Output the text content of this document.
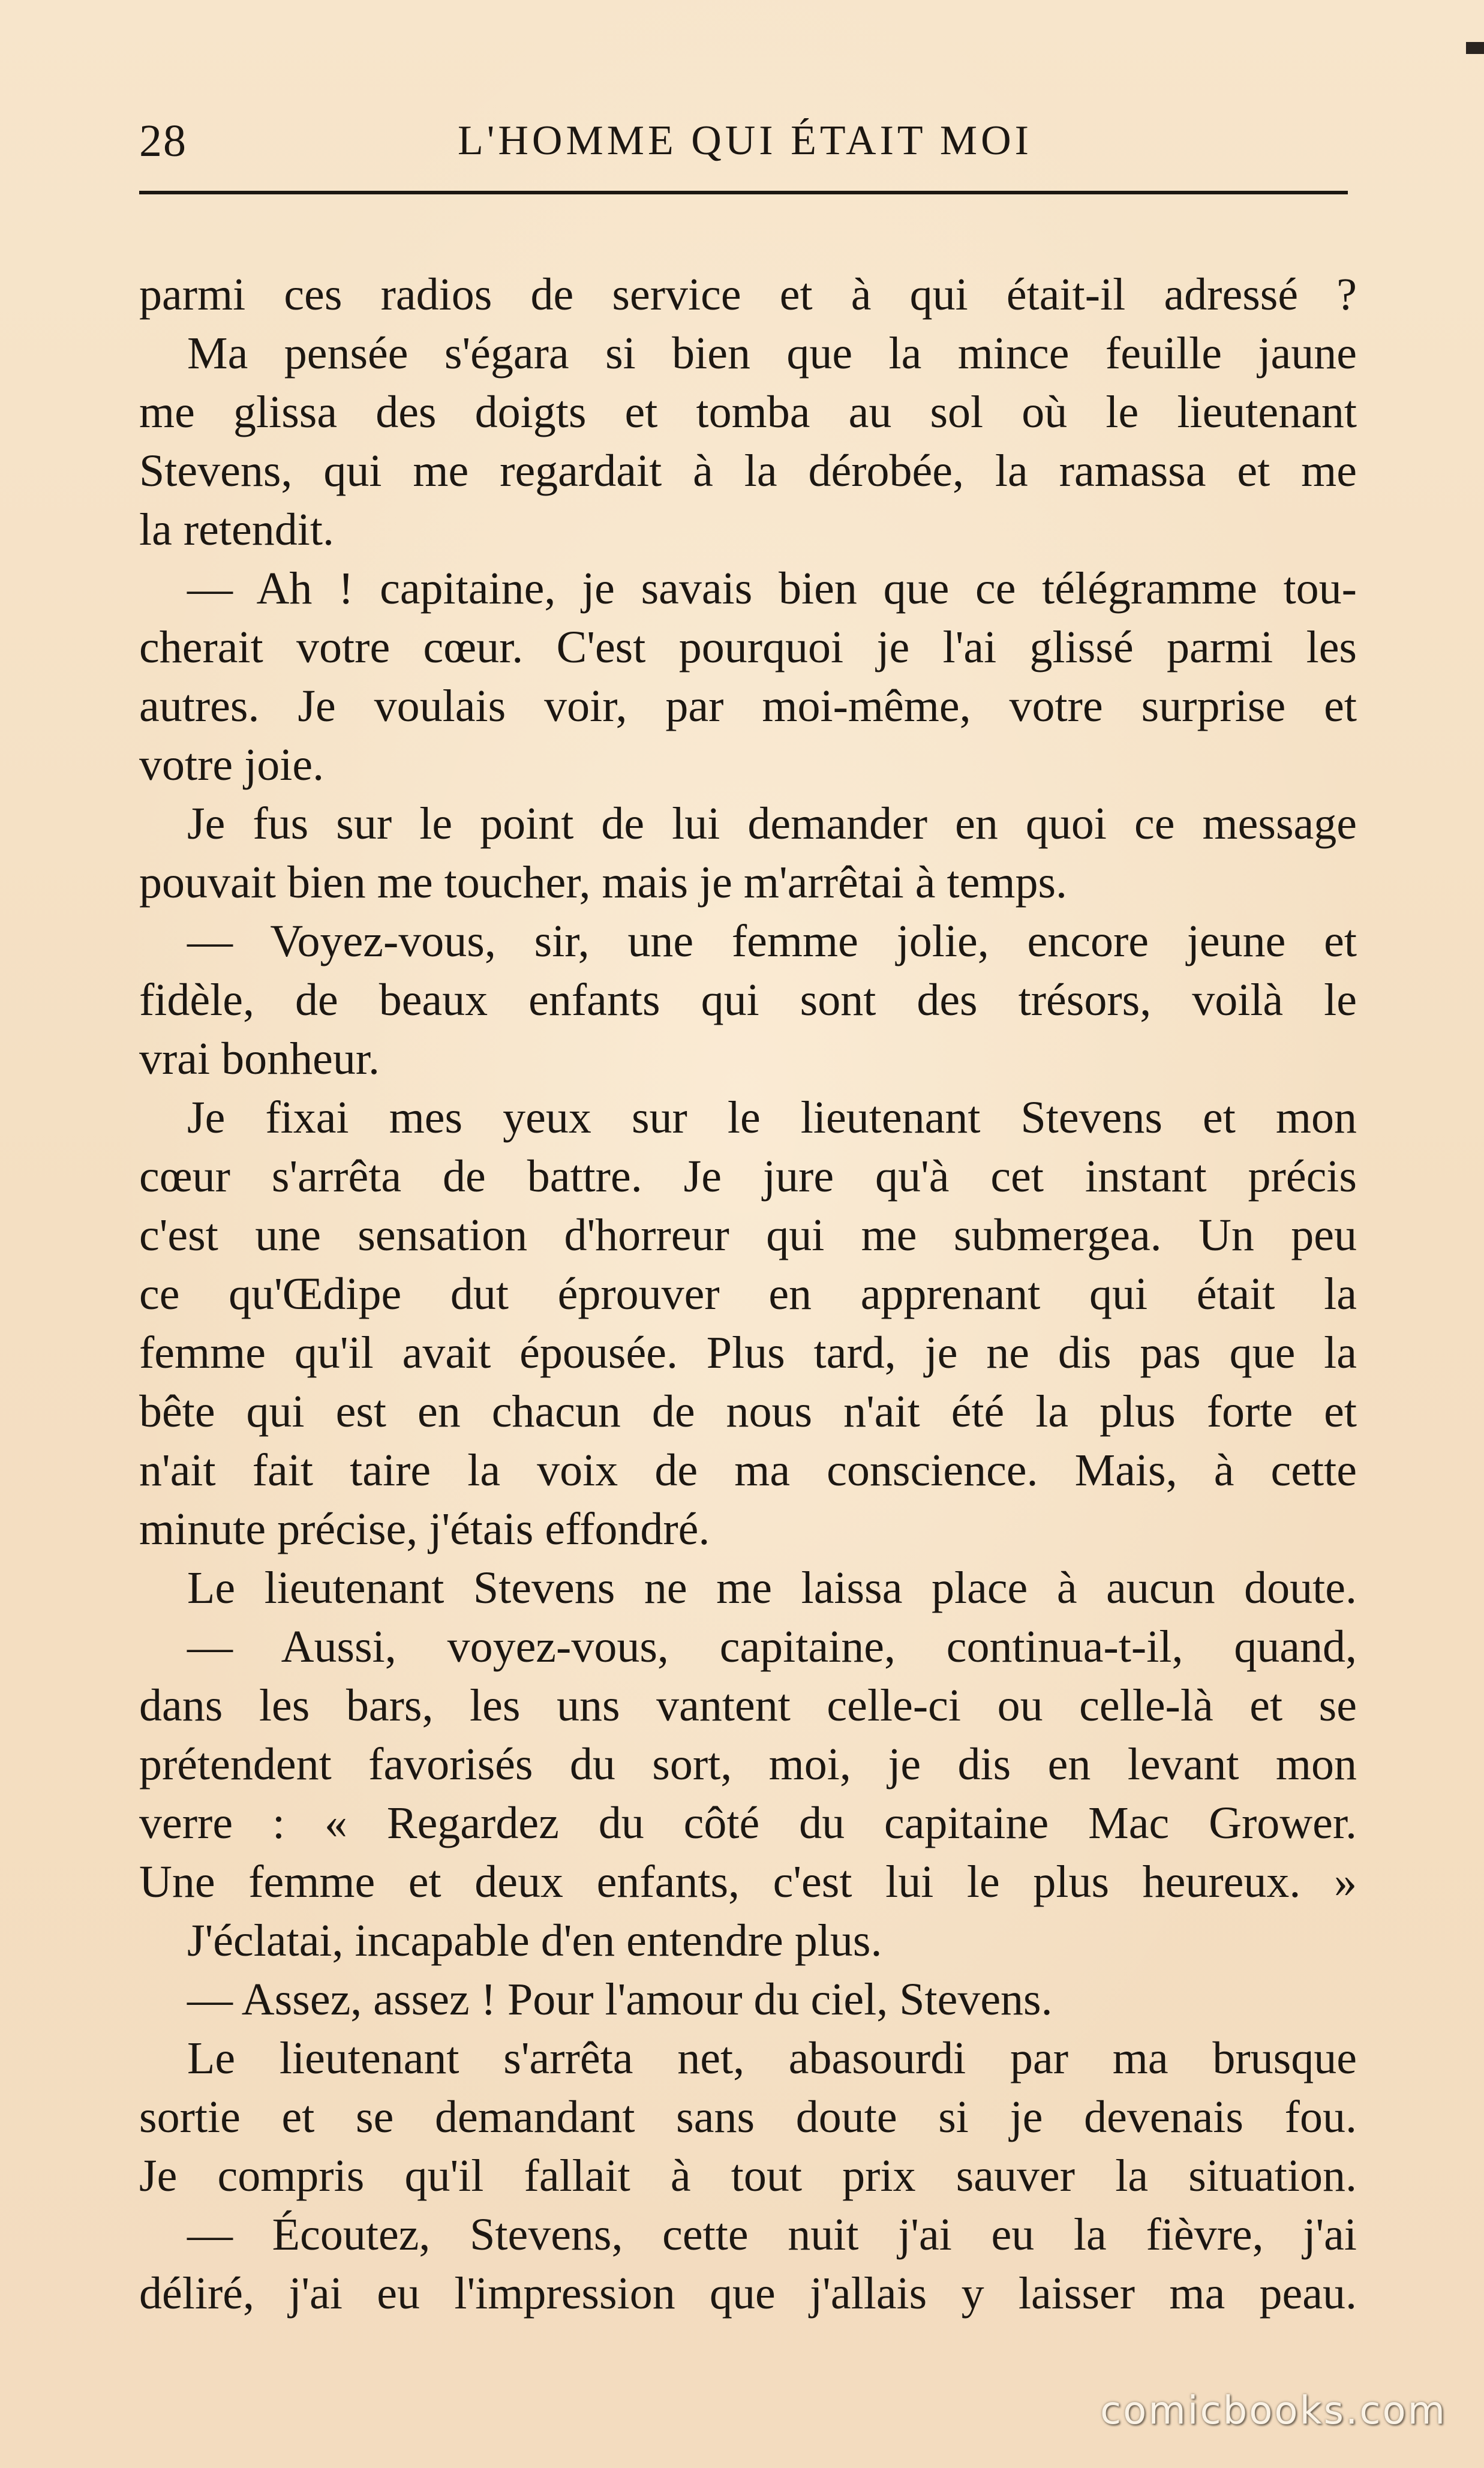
28	L'HOMME QUI ÉTAIT MOI
parmi ces radios de service et à qui était-il adressé ?
Ma pensée s'égara si bien que la mince feuille jaune
me glissa des doigts et tomba au sol où le lieutenant
Stevens, qui me regardait à la dérobée, la ramassa et me
la retendit.
— Ah ! capitaine, je savais bien que ce télégramme tou-
cherait votre cœur. C'est pourquoi je l'ai glissé parmi les
autres. Je voulais voir, par moi-même, votre surprise et
votre joie.
Je fus sur le point de lui demander en quoi ce message
pouvait bien me toucher, mais je m'arrêtai à temps.
— Voyez-vous, sir, une femme jolie, encore jeune et
fidèle, de beaux enfants qui sont des trésors, voilà le
vrai bonheur.
Je fixai mes yeux sur le lieutenant Stevens et mon
cœur s'arrêta de battre. Je jure qu'à cet instant précis
c'est une sensation d'horreur qui me submergea. Un peu
ce qu'Œdipe dut éprouver en apprenant qui était la
femme qu'il avait épousée. Plus tard, je ne dis pas que la
bête qui est en chacun de nous n'ait été la plus forte et
n'ait fait taire la voix de ma conscience. Mais, à cette
minute précise, j'étais effondré.
Le lieutenant Stevens ne me laissa place à aucun doute.
— Aussi, voyez-vous, capitaine, continua-t-il, quand,
dans les bars, les uns vantent celle-ci ou celle-là et se
prétendent favorisés du sort, moi, je dis en levant mon
verre : « Regardez du côté du capitaine Mac Grower.
Une femme et deux enfants, c'est lui le plus heureux. »
J'éclatai, incapable d'en entendre plus.
— Assez, assez ! Pour l'amour du ciel, Stevens.
Le lieutenant s'arrêta net, abasourdi par ma brusque
sortie et se demandant sans doute si je devenais fou.
Je compris qu'il fallait à tout prix sauver la situation.
— Écoutez, Stevens, cette nuit j'ai eu la fièvre, j'ai
déliré, j'ai eu l'impression que j'allais y laisser ma peau.
comicbooks.com
